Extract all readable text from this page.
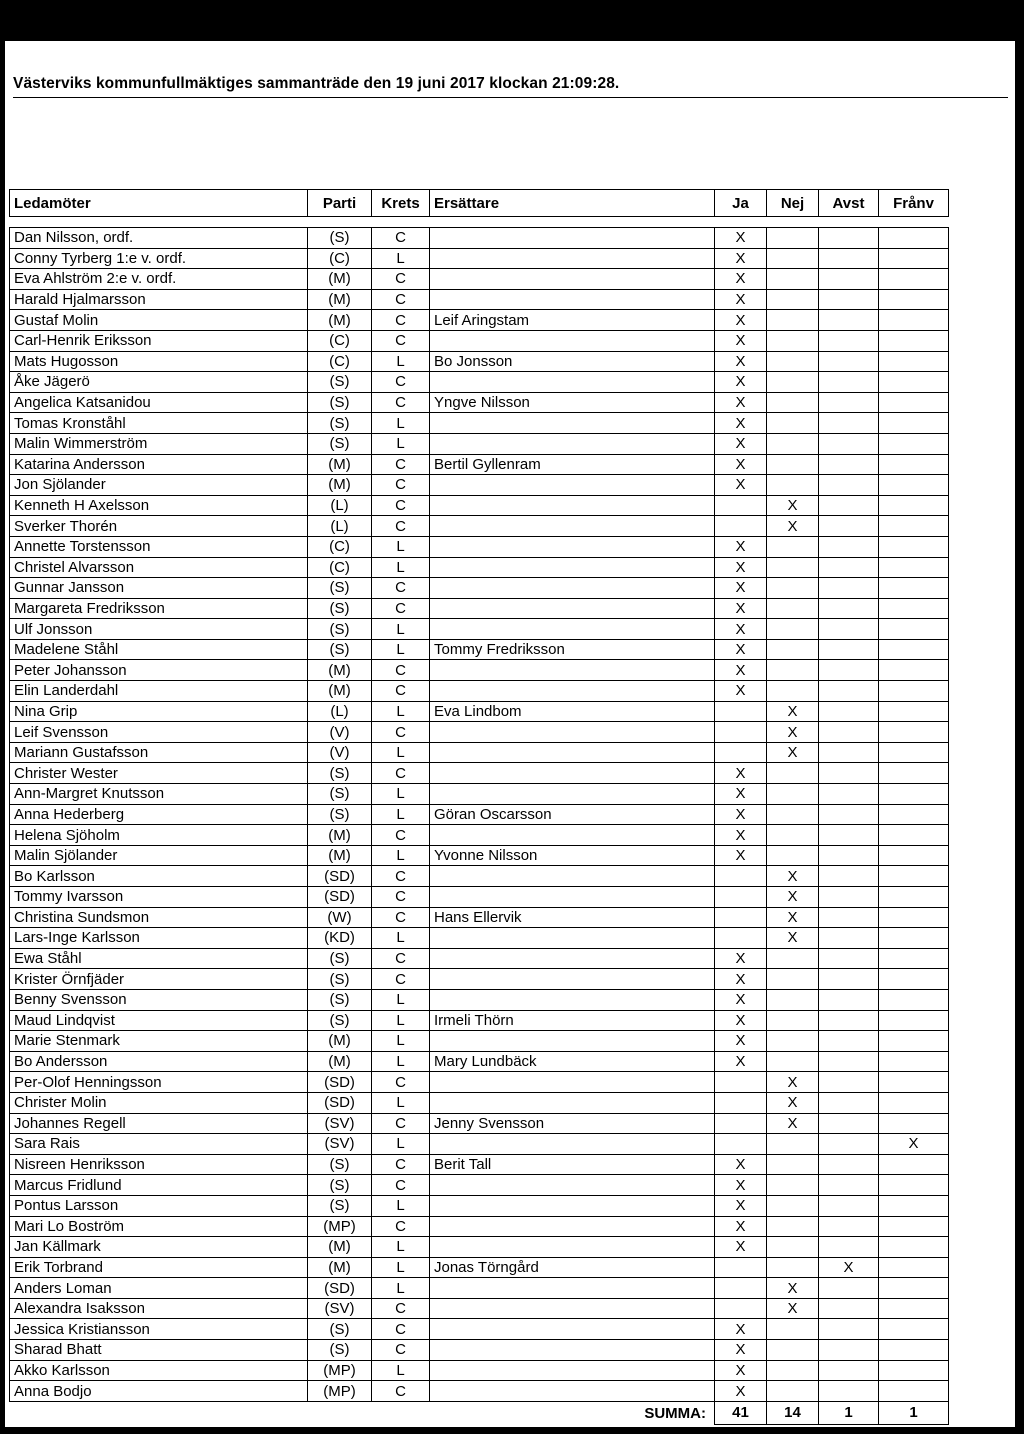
Västerviks kommunfullmäktiges sammanträde den 19 juni 2017 klockan 21:09:28.
Ledamöter	Parti	Krets	Ersättare	Ja	Nej	Avst	Frånv

Dan Nilsson, ordf.	(S)	C		X			
Conny Tyrberg 1:e v. ordf.	(C)	L		X			
Eva Ahlström 2:e v. ordf.	(M)	C		X			
Harald Hjalmarsson	(M)	C		X			
Gustaf Molin	(M)	C	Leif Aringstam	X			
Carl-Henrik Eriksson	(C)	C		X			
Mats Hugosson	(C)	L	Bo Jonsson	X			
Åke Jägerö	(S)	C		X			
Angelica Katsanidou	(S)	C	Yngve Nilsson	X			
Tomas Kronståhl	(S)	L		X			
Malin Wimmerström	(S)	L		X			
Katarina Andersson	(M)	C	Bertil Gyllenram	X			
Jon Sjölander	(M)	C		X			
Kenneth H Axelsson	(L)	C			X		
Sverker Thorén	(L)	C			X		
Annette Torstensson	(C)	L		X			
Christel Alvarsson	(C)	L		X			
Gunnar Jansson	(S)	C		X			
Margareta Fredriksson	(S)	C		X			
Ulf Jonsson	(S)	L		X			
Madelene Ståhl	(S)	L	Tommy Fredriksson	X			
Peter Johansson	(M)	C		X			
Elin Landerdahl	(M)	C		X			
Nina Grip	(L)	L	Eva Lindbom		X		
Leif Svensson	(V)	C			X		
Mariann Gustafsson	(V)	L			X		
Christer Wester	(S)	C		X			
Ann-Margret Knutsson	(S)	L		X			
Anna Hederberg	(S)	L	Göran Oscarsson	X			
Helena Sjöholm	(M)	C		X			
Malin Sjölander	(M)	L	Yvonne Nilsson	X			
Bo Karlsson	(SD)	C			X		
Tommy Ivarsson	(SD)	C			X		
Christina Sundsmon	(W)	C	Hans Ellervik		X		
Lars-Inge Karlsson	(KD)	L			X		
Ewa Ståhl	(S)	C		X			
Krister Örnfjäder	(S)	C		X			
Benny Svensson	(S)	L		X			
Maud Lindqvist	(S)	L	Irmeli Thörn	X			
Marie Stenmark	(M)	L		X			
Bo Andersson	(M)	L	Mary Lundbäck	X			
Per-Olof Henningsson	(SD)	C			X		
Christer Molin	(SD)	L			X		
Johannes Regell	(SV)	C	Jenny Svensson		X		
Sara Rais	(SV)	L					X
Nisreen Henriksson	(S)	C	Berit Tall	X			
Marcus Fridlund	(S)	C		X			
Pontus Larsson	(S)	L		X			
Mari Lo Boström	(MP)	C		X			
Jan Källmark	(M)	L		X			
Erik Torbrand	(M)	L	Jonas Törngård			X	
Anders Loman	(SD)	L			X		
Alexandra Isaksson	(SV)	C			X		
Jessica Kristiansson	(S)	C		X			
Sharad Bhatt	(S)	C		X			
Akko Karlsson	(MP)	L		X			
Anna Bodjo	(MP)	C		X			
SUMMA:				41	14	1	1
